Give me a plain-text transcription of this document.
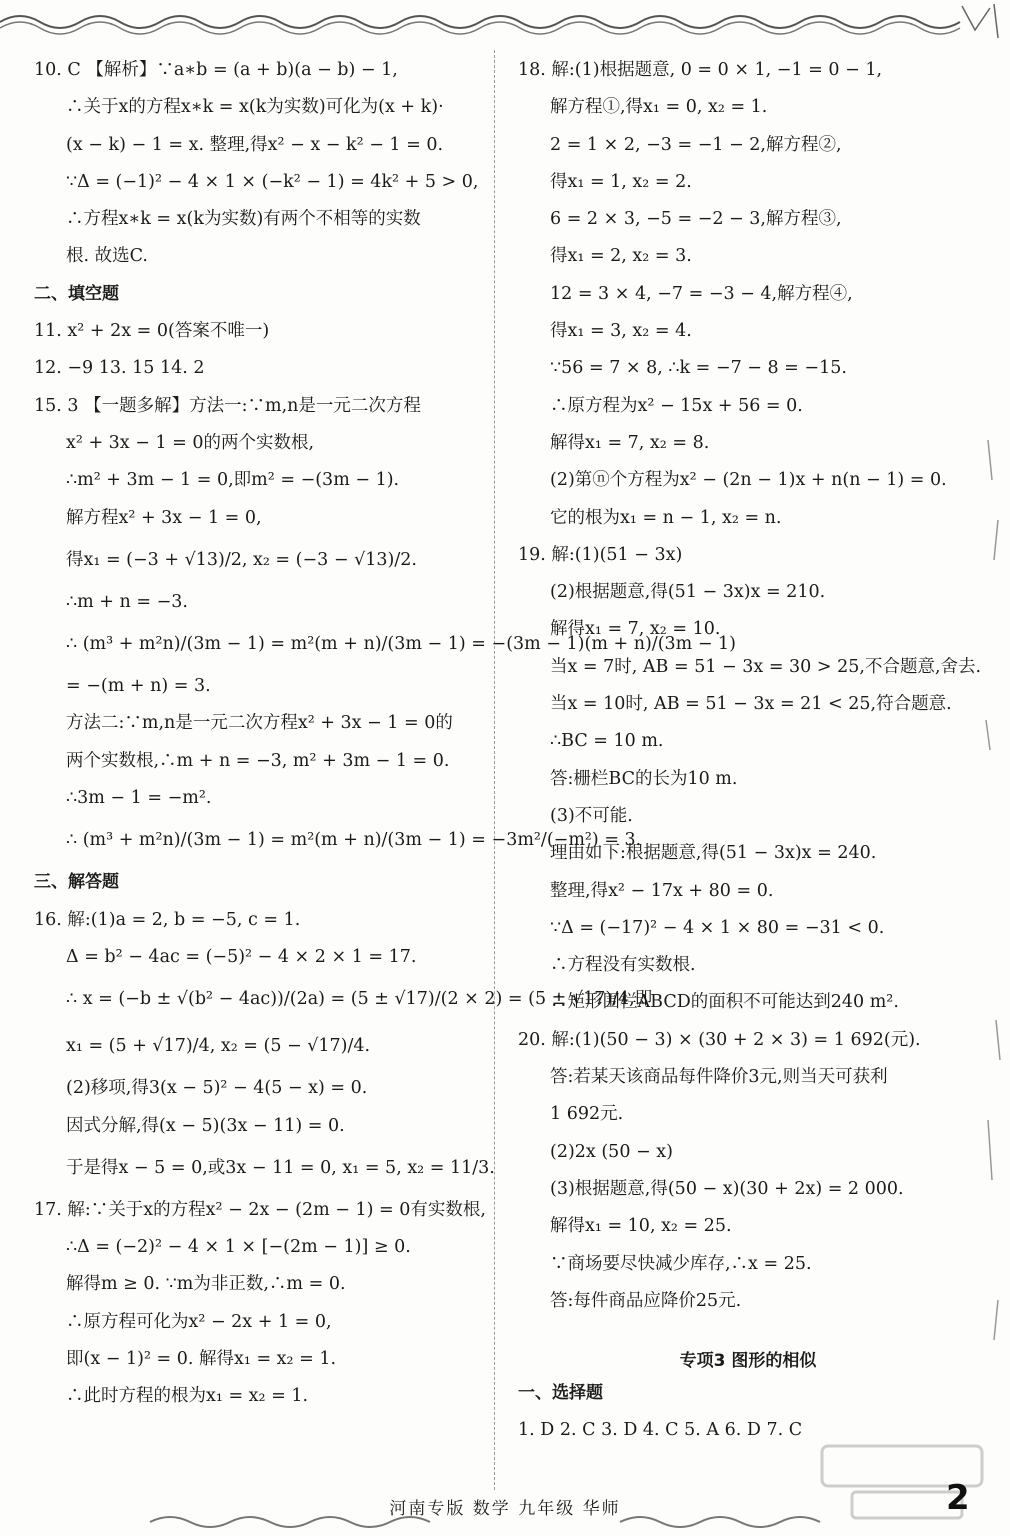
10. C 【解析】∵a∗b = (a + b)(a − b) − 1,
∴关于x的方程x∗k = x(k为实数)可化为(x + k)·
(x − k) − 1 = x. 整理,得x² − x − k² − 1 = 0.
∵Δ = (−1)² − 4 × 1 × (−k² − 1) = 4k² + 5 > 0,
∴方程x∗k = x(k为实数)有两个不相等的实数
根. 故选C.
二、填空题
11. x² + 2x = 0(答案不唯一)
12. −9 13. 15 14. 2
15. 3 【一题多解】方法一:∵m,n是一元二次方程
x² + 3x − 1 = 0的两个实数根,
∴m² + 3m − 1 = 0,即m² = −(3m − 1).
解方程x² + 3x − 1 = 0,
得x₁ = (−3 + √13)/2, x₂ = (−3 − √13)/2.
∴m + n = −3.
∴ (m³ + m²n)/(3m − 1) = m²(m + n)/(3m − 1) = −(3m − 1)(m + n)/(3m − 1)
= −(m + n) = 3.
方法二:∵m,n是一元二次方程x² + 3x − 1 = 0的
两个实数根,∴m + n = −3, m² + 3m − 1 = 0.
∴3m − 1 = −m².
∴ (m³ + m²n)/(3m − 1) = m²(m + n)/(3m − 1) = −3m²/(−m²) = 3.
三、解答题
16. 解:(1)a = 2, b = −5, c = 1.
Δ = b² − 4ac = (−5)² − 4 × 2 × 1 = 17.
∴ x = (−b ± √(b² − 4ac))/(2a) = (5 ± √17)/(2 × 2) = (5 ± √17)/4,即
x₁ = (5 + √17)/4, x₂ = (5 − √17)/4.
(2)移项,得3(x − 5)² − 4(5 − x) = 0.
因式分解,得(x − 5)(3x − 11) = 0.
于是得x − 5 = 0,或3x − 11 = 0, x₁ = 5, x₂ = 11/3.
17. 解:∵关于x的方程x² − 2x − (2m − 1) = 0有实数根,
∴Δ = (−2)² − 4 × 1 × [−(2m − 1)] ≥ 0.
解得m ≥ 0. ∵m为非正数,∴m = 0.
∴原方程可化为x² − 2x + 1 = 0,
即(x − 1)² = 0. 解得x₁ = x₂ = 1.
∴此时方程的根为x₁ = x₂ = 1.
18. 解:(1)根据题意, 0 = 0 × 1, −1 = 0 − 1,
解方程①,得x₁ = 0, x₂ = 1.
2 = 1 × 2, −3 = −1 − 2,解方程②,
得x₁ = 1, x₂ = 2.
6 = 2 × 3, −5 = −2 − 3,解方程③,
得x₁ = 2, x₂ = 3.
12 = 3 × 4, −7 = −3 − 4,解方程④,
得x₁ = 3, x₂ = 4.
∵56 = 7 × 8, ∴k = −7 − 8 = −15.
∴原方程为x² − 15x + 56 = 0.
解得x₁ = 7, x₂ = 8.
(2)第ⓝ个方程为x² − (2n − 1)x + n(n − 1) = 0.
它的根为x₁ = n − 1, x₂ = n.
19. 解:(1)(51 − 3x)
(2)根据题意,得(51 − 3x)x = 210.
解得x₁ = 7, x₂ = 10.
当x = 7时, AB = 51 − 3x = 30 > 25,不合题意,舍去.
当x = 10时, AB = 51 − 3x = 21 < 25,符合题意.
∴BC = 10 m.
答:栅栏BC的长为10 m.
(3)不可能.
理由如下:根据题意,得(51 − 3x)x = 240.
整理,得x² − 17x + 80 = 0.
∵Δ = (−17)² − 4 × 1 × 80 = −31 < 0.
∴方程没有实数根.
∴矩形围栏ABCD的面积不可能达到240 m².
20. 解:(1)(50 − 3) × (30 + 2 × 3) = 1 692(元).
答:若某天该商品每件降价3元,则当天可获利
1 692元.
(2)2x (50 − x)
(3)根据题意,得(50 − x)(30 + 2x) = 2 000.
解得x₁ = 10, x₂ = 25.
∵商场要尽快减少库存,∴x = 25.
答:每件商品应降价25元.
专项3 图形的相似
一、选择题
1. D 2. C 3. D 4. C 5. A 6. D 7. C
河南专版 数学 九年级 华师	2
